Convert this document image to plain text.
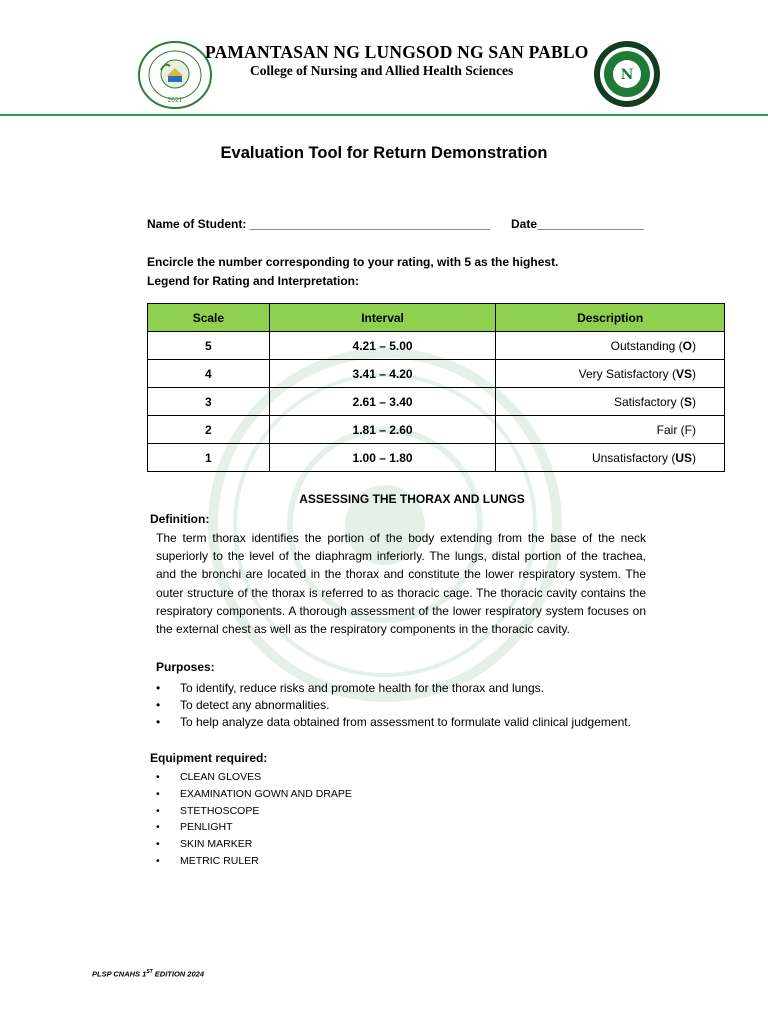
2021
N
PAMANTASAN NG LUNGSOD NG SAN PABLO
College of Nursing and Allied Health Sciences
Evaluation Tool for Return Demonstration
Name of Student: ____________________________________ Date________________
Encircle the number corresponding to your rating, with 5 as the highest.
Legend for Rating and Interpretation:
Scale	Interval	Description
5	4.21 – 5.00	Outstanding (O)
4	3.41 – 4.20	Very Satisfactory (VS)
3	2.61 – 3.40	Satisfactory (S)
2	1.81 – 2.60	Fair (F)
1	1.00 – 1.80	Unsatisfactory (US)
ASSESSING THE THORAX AND LUNGS
Definition:
The term thorax identifies the portion of the body extending from the base of the neck superiorly to the level of the diaphragm inferiorly. The lungs, distal portion of the trachea, and the bronchi are located in the thorax and constitute the lower respiratory system. The outer structure of the thorax is referred to as thoracic cage. The thoracic cavity contains the respiratory components. A thorough assessment of the lower respiratory system focuses on the external chest as well as the respiratory components in the thoracic cavity.
Purposes:
• To identify, reduce risks and promote health for the thorax and lungs.
• To detect any abnormalities.
• To help analyze data obtained from assessment to formulate valid clinical judgement.
Equipment required:
• CLEAN GLOVES
• EXAMINATION GOWN AND DRAPE
• STETHOSCOPE
• PENLIGHT
• SKIN MARKER
• METRIC RULER
PLSP CNAHS 1ST EDITION 2024
